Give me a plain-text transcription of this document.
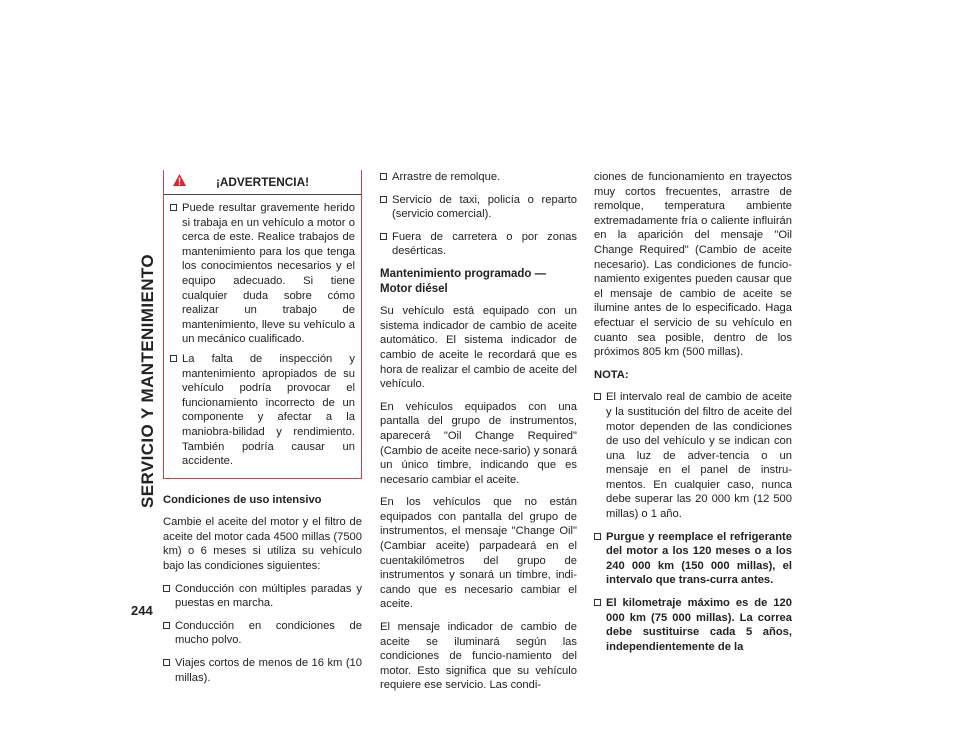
SERVICIO Y MANTENIMIENTO
244
¡ADVERTENCIA!
Puede resultar gravemente herido si trabaja en un vehículo a motor o cerca de este. Realice trabajos de mantenimiento para los que tenga los conocimientos necesarios y el equipo adecuado. Si tiene cualquier duda sobre cómo realizar un trabajo de mantenimiento, lleve su vehículo a un mecánico cualificado.
La falta de inspección y mantenimiento apropiados de su vehículo podría provocar el funcionamiento incorrecto de un componente y afectar a la maniobra-bilidad y rendimiento. También podría causar un accidente.
Condiciones de uso intensivo

Cambie el aceite del motor y el filtro de aceite del motor cada 4500 millas (7500 km) o 6 meses si utiliza su vehículo bajo las condiciones siguientes:

Conducción con múltiples paradas y puestas en marcha.
Conducción en condiciones de mucho polvo.
Viajes cortos de menos de 16 km (10 millas).
Arrastre de remolque.
Servicio de taxi, policía o reparto (servicio comercial).
Fuera de carretera o por zonas desérticas.
Mantenimiento programado — Motor diésel

Su vehículo está equipado con un sistema indicador de cambio de aceite automático. El sistema indicador de cambio de aceite le recordará que es hora de realizar el cambio de aceite del vehículo.

En vehículos equipados con una pantalla del grupo de instrumentos, aparecerá "Oil Change Required" (Cambio de aceite nece-sario) y sonará un único timbre, indicando que es necesario cambiar el aceite.

En los vehículos que no están equipados con pantalla del grupo de instrumentos, el mensaje "Change Oil" (Cambiar aceite) parpadeará en el cuentakilómetros del grupo de instrumentos y sonará un timbre, indi-cando que es necesario cambiar el aceite.

El mensaje indicador de cambio de aceite se iluminará según las condiciones de funcio-namiento del motor. Esto significa que su vehículo requiere ese servicio. Las condi-

ciones de funcionamiento en trayectos muy cortos frecuentes, arrastre de remolque, temperatura ambiente extremadamente fría o caliente influirán en la aparición del mensaje "Oil Change Required" (Cambio de aceite necesario). Las condiciones de funcio-namiento exigentes pueden causar que el mensaje de cambio de aceite se ilumine antes de lo especificado. Haga efectuar el servicio de su vehículo en cuanto sea posible, dentro de los próximos 805 km (500 millas).

NOTA:
El intervalo real de cambio de aceite y la sustitución del filtro de aceite del motor dependen de las condiciones de uso del vehículo y se indican con una luz de adver-tencia o un mensaje en el panel de instru-mentos. En cualquier caso, nunca debe superar las 20 000 km (12 500 millas) o 1 año.
Purgue y reemplace el refrigerante del motor a los 120 meses o a los 240 000 km (150 000 millas), el intervalo que trans-curra antes.
El kilometraje máximo es de 120 000 km (75 000 millas). La correa debe sustituirse cada 5 años, independientemente de la
